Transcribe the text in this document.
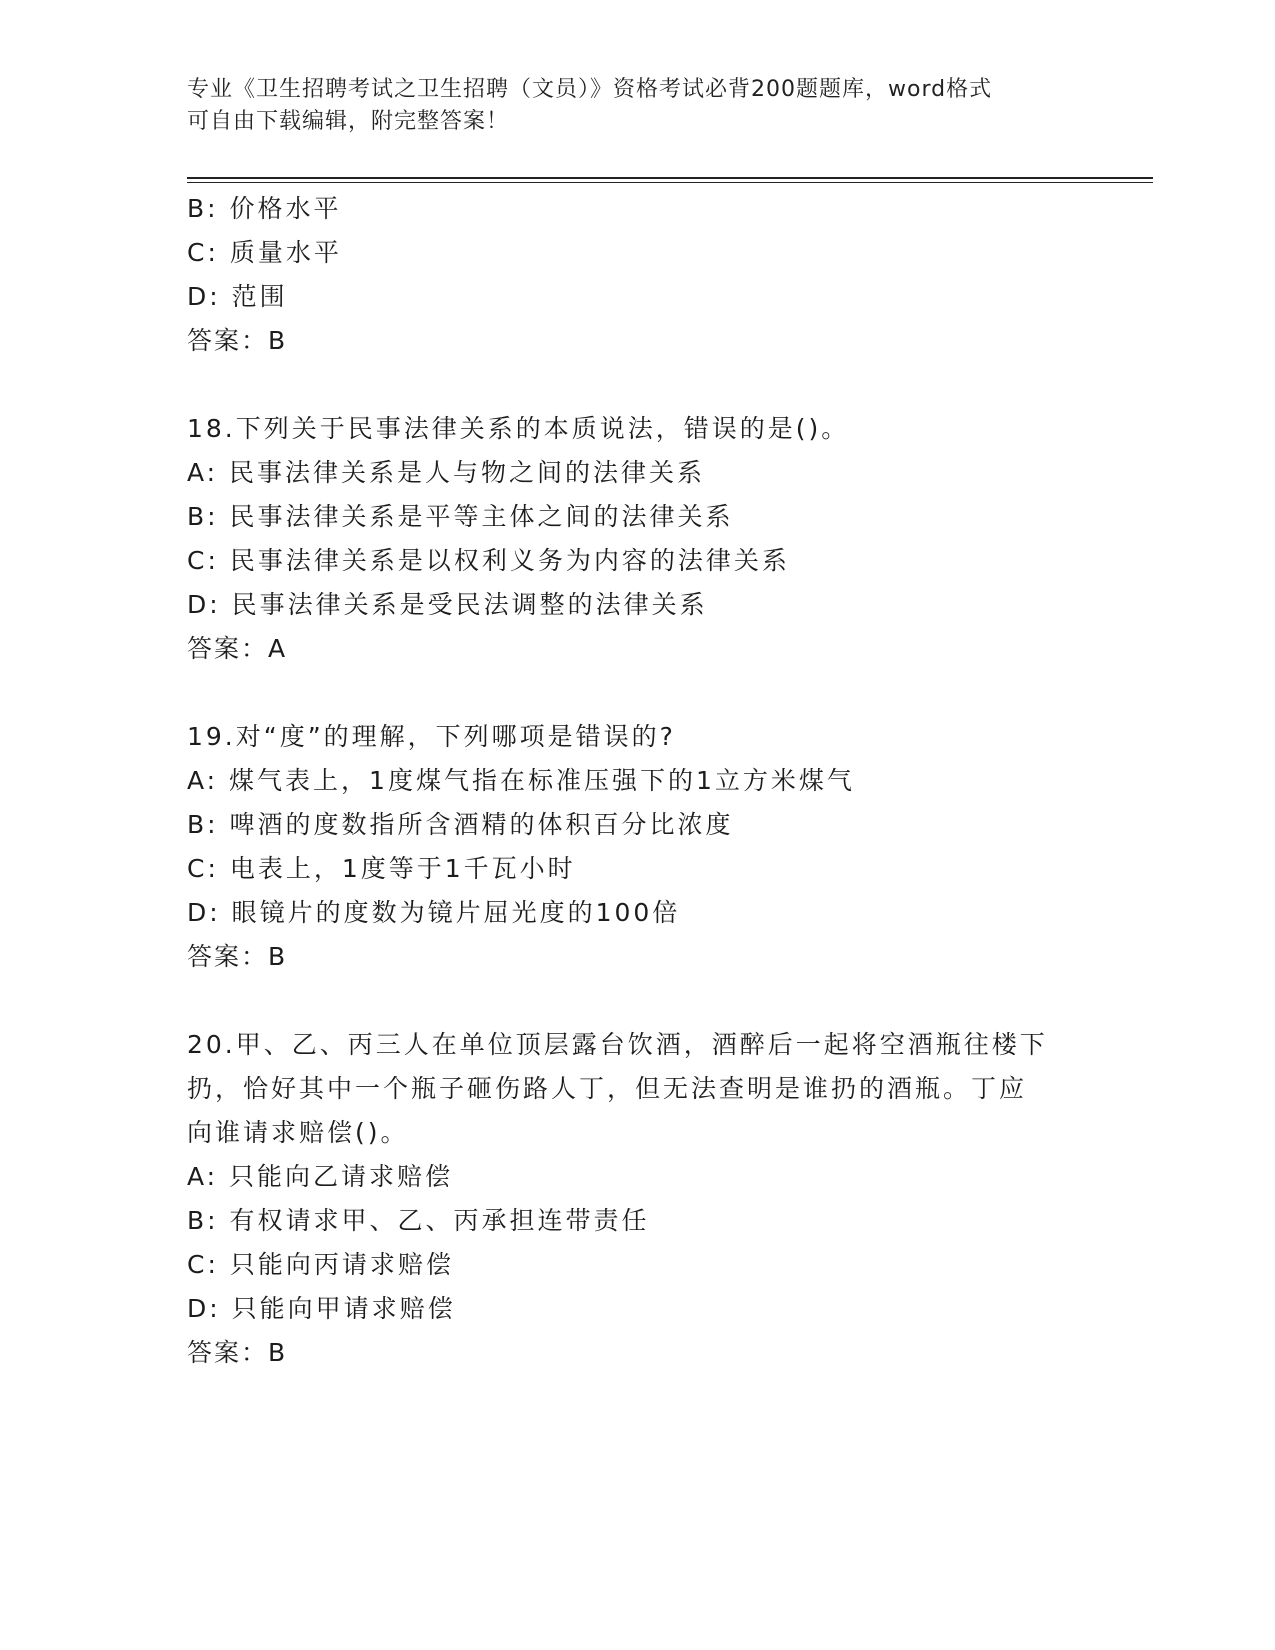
专业《卫生招聘考试之卫生招聘（文员）》资格考试必背200题题库，word格式
可自由下载编辑，附完整答案！
B: 价格水平
C: 质量水平
D: 范围
答案：B
18.下列关于民事法律关系的本质说法，错误的是()。
A: 民事法律关系是人与物之间的法律关系
B: 民事法律关系是平等主体之间的法律关系
C: 民事法律关系是以权利义务为内容的法律关系
D: 民事法律关系是受民法调整的法律关系
答案：A
19.对“度”的理解，下列哪项是错误的?
A: 煤气表上，1度煤气指在标准压强下的1立方米煤气
B: 啤酒的度数指所含酒精的体积百分比浓度
C: 电表上，1度等于1千瓦小时
D: 眼镜片的度数为镜片屈光度的100倍
答案：B
20.甲、乙、丙三人在单位顶层露台饮酒，酒醉后一起将空酒瓶往楼下
扔，恰好其中一个瓶子砸伤路人丁，但无法查明是谁扔的酒瓶。丁应
向谁请求赔偿()。
A: 只能向乙请求赔偿
B: 有权请求甲、乙、丙承担连带责任
C: 只能向丙请求赔偿
D: 只能向甲请求赔偿
答案：B
